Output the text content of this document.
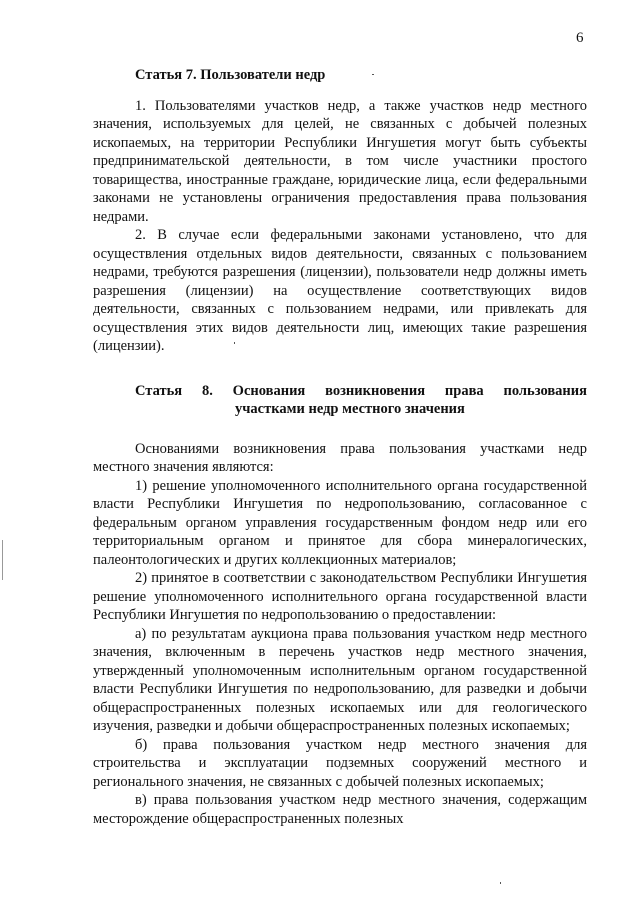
6
Статья 7. Пользователи недр

1. Пользователями участков недр, а также участков недр местного значения, используемых для целей, не связанных с добычей полезных ископаемых, на территории Республики Ингушетия могут быть субъекты предпринимательской деятельности, в том числе участники простого товарищества, иностранные граждане, юридические лица, если федеральными законами не установлены ограничения предоставления права пользования недрами.

2. В случае если федеральными законами установлено, что для осуществления отдельных видов деятельности, связанных с пользованием недрами, требуются разрешения (лицензии), пользователи недр должны иметь разрешения (лицензии) на осуществление соответствующих видов деятельности, связанных с пользованием недрами, или привлекать для осуществления этих видов деятельности лиц, имеющих такие разрешения (лицензии).

Статья 8. Основания возникновения права пользования
участками недр местного значения

Основаниями возникновения права пользования участками недр местного значения являются:

1) решение уполномоченного исполнительного органа государственной власти Республики Ингушетия по недропользованию, согласованное с федеральным органом управления государственным фондом недр или его территориальным органом и принятое для сбора минералогических, палеонтологических и других коллекционных материалов;

2) принятое в соответствии с законодательством Республики Ингушетия решение уполномоченного исполнительного органа государственной власти Республики Ингушетия по недропользованию о предоставлении:

а) по результатам аукциона права пользования участком недр местного значения, включенным в перечень участков недр местного значения, утвержденный уполномоченным исполнительным органом государственной власти Республики Ингушетия по недропользованию, для разведки и добычи общераспространенных полезных ископаемых или для геологического изучения, разведки и добычи общераспространенных полезных ископаемых;

б) права пользования участком недр местного значения для строительства и эксплуатации подземных сооружений местного и регионального значения, не связанных с добычей полезных ископаемых;

в) права пользования участком недр местного значения, содержащим месторождение общераспространенных полезных
